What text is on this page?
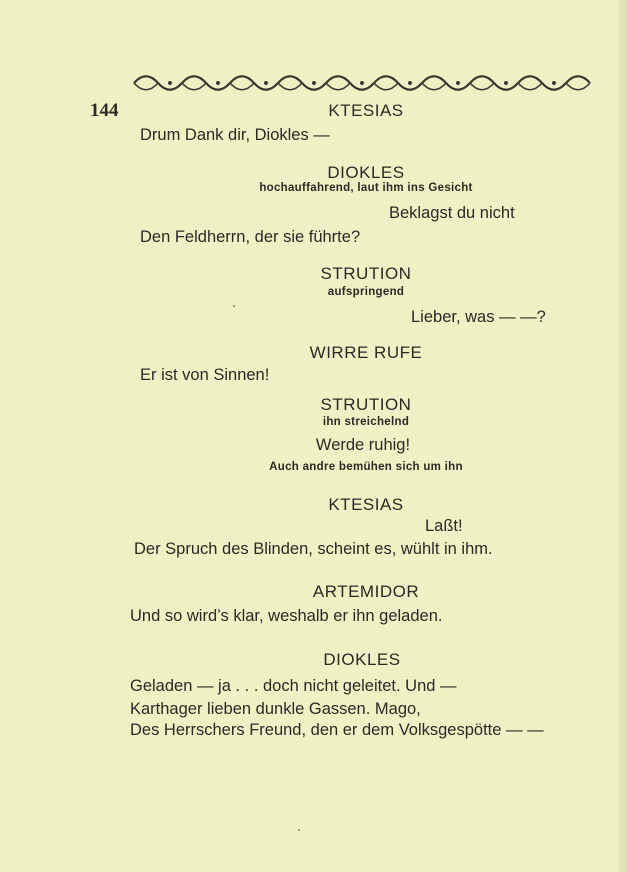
144	KTESIAS
Drum Dank dir, Diokles —
DIOKLES
hochauffahrend, laut ihm ins Gesicht
Beklagst du nicht
Den Feldherrn, der sie führte?
STRUTION
aufspringend
Lieber, was — —?
WIRRE RUFE
Er ist von Sinnen!
STRUTION
ihn streichelnd
Werde ruhig!
Auch andre bemühen sich um ihn
KTESIAS
Laßt!
Der Spruch des Blinden, scheint es, wühlt in ihm.
ARTEMIDOR
Und so wird’s klar, weshalb er ihn geladen.
DIOKLES
Geladen — ja . . . doch nicht geleitet. Und —
Karthager lieben dunkle Gassen. Mago,
Des Herrschers Freund, den er dem Volksgespötte — —
